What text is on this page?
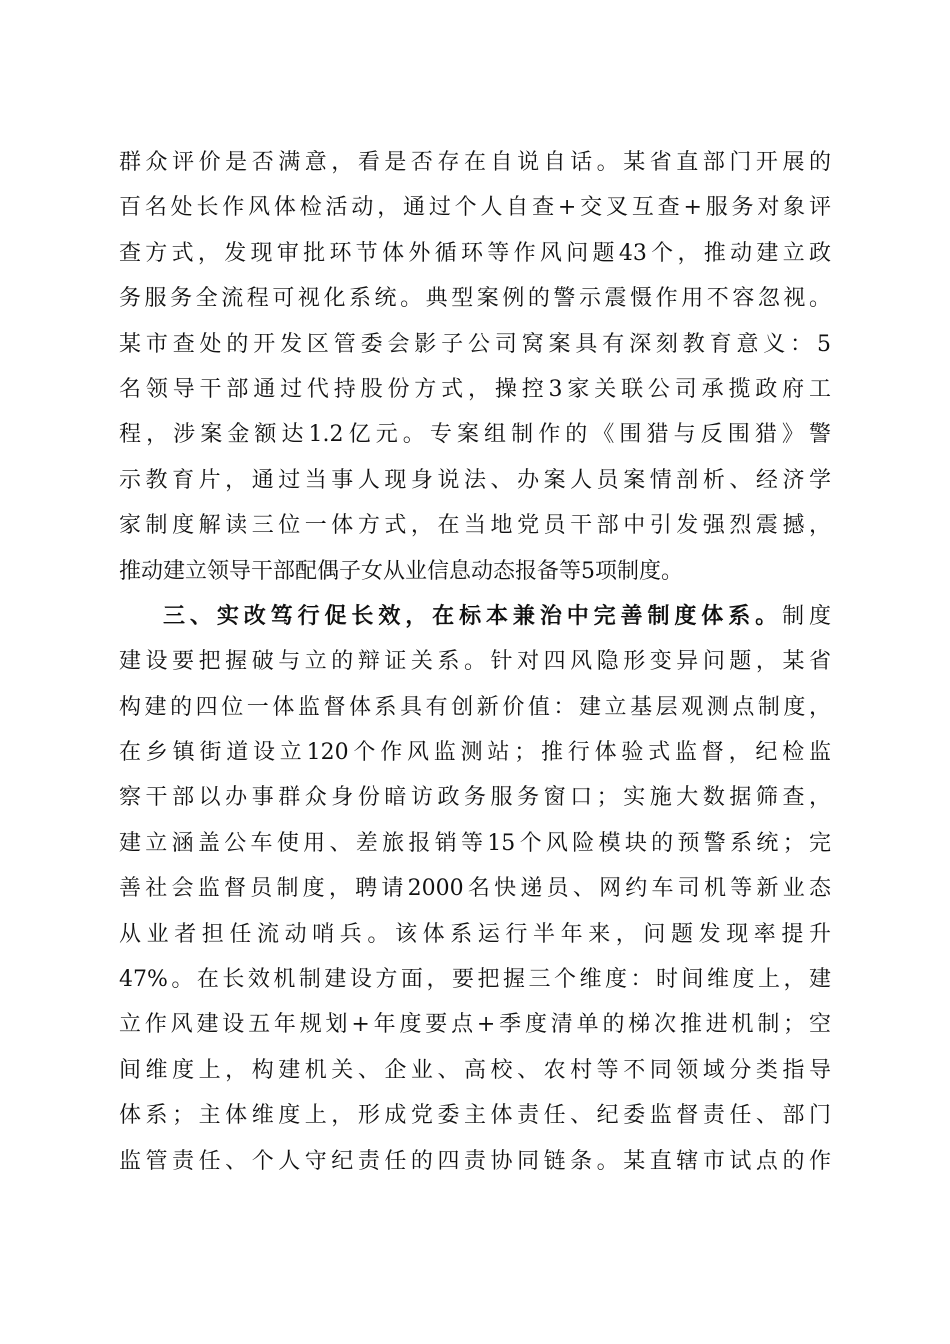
群众评价是否满意，看是否存在自说自话。某省直部门开展的
百名处长作风体检活动，通过个人自查+交叉互查+服务对象评
查方式，发现审批环节体外循环等作风问题43个，推动建立政
务服务全流程可视化系统。典型案例的警示震慑作用不容忽视。
某市查处的开发区管委会影子公司窝案具有深刻教育意义：5
名领导干部通过代持股份方式，操控3家关联公司承揽政府工
程，涉案金额达1.2亿元。专案组制作的《围猎与反围猎》警
示教育片，通过当事人现身说法、办案人员案情剖析、经济学
家制度解读三位一体方式，在当地党员干部中引发强烈震撼，
推动建立领导干部配偶子女从业信息动态报备等5项制度。
三、实改笃行促长效，在标本兼治中完善制度体系。制度
建设要把握破与立的辩证关系。针对四风隐形变异问题，某省
构建的四位一体监督体系具有创新价值：建立基层观测点制度，
在乡镇街道设立120个作风监测站；推行体验式监督，纪检监
察干部以办事群众身份暗访政务服务窗口；实施大数据筛查，
建立涵盖公车使用、差旅报销等15个风险模块的预警系统；完
善社会监督员制度，聘请2000名快递员、网约车司机等新业态
从业者担任流动哨兵。该体系运行半年来，问题发现率提升
47%。在长效机制建设方面，要把握三个维度：时间维度上，建
立作风建设五年规划+年度要点+季度清单的梯次推进机制；空
间维度上，构建机关、企业、高校、农村等不同领域分类指导
体系；主体维度上，形成党委主体责任、纪委监督责任、部门
监管责任、个人守纪责任的四责协同链条。某直辖市试点的作
